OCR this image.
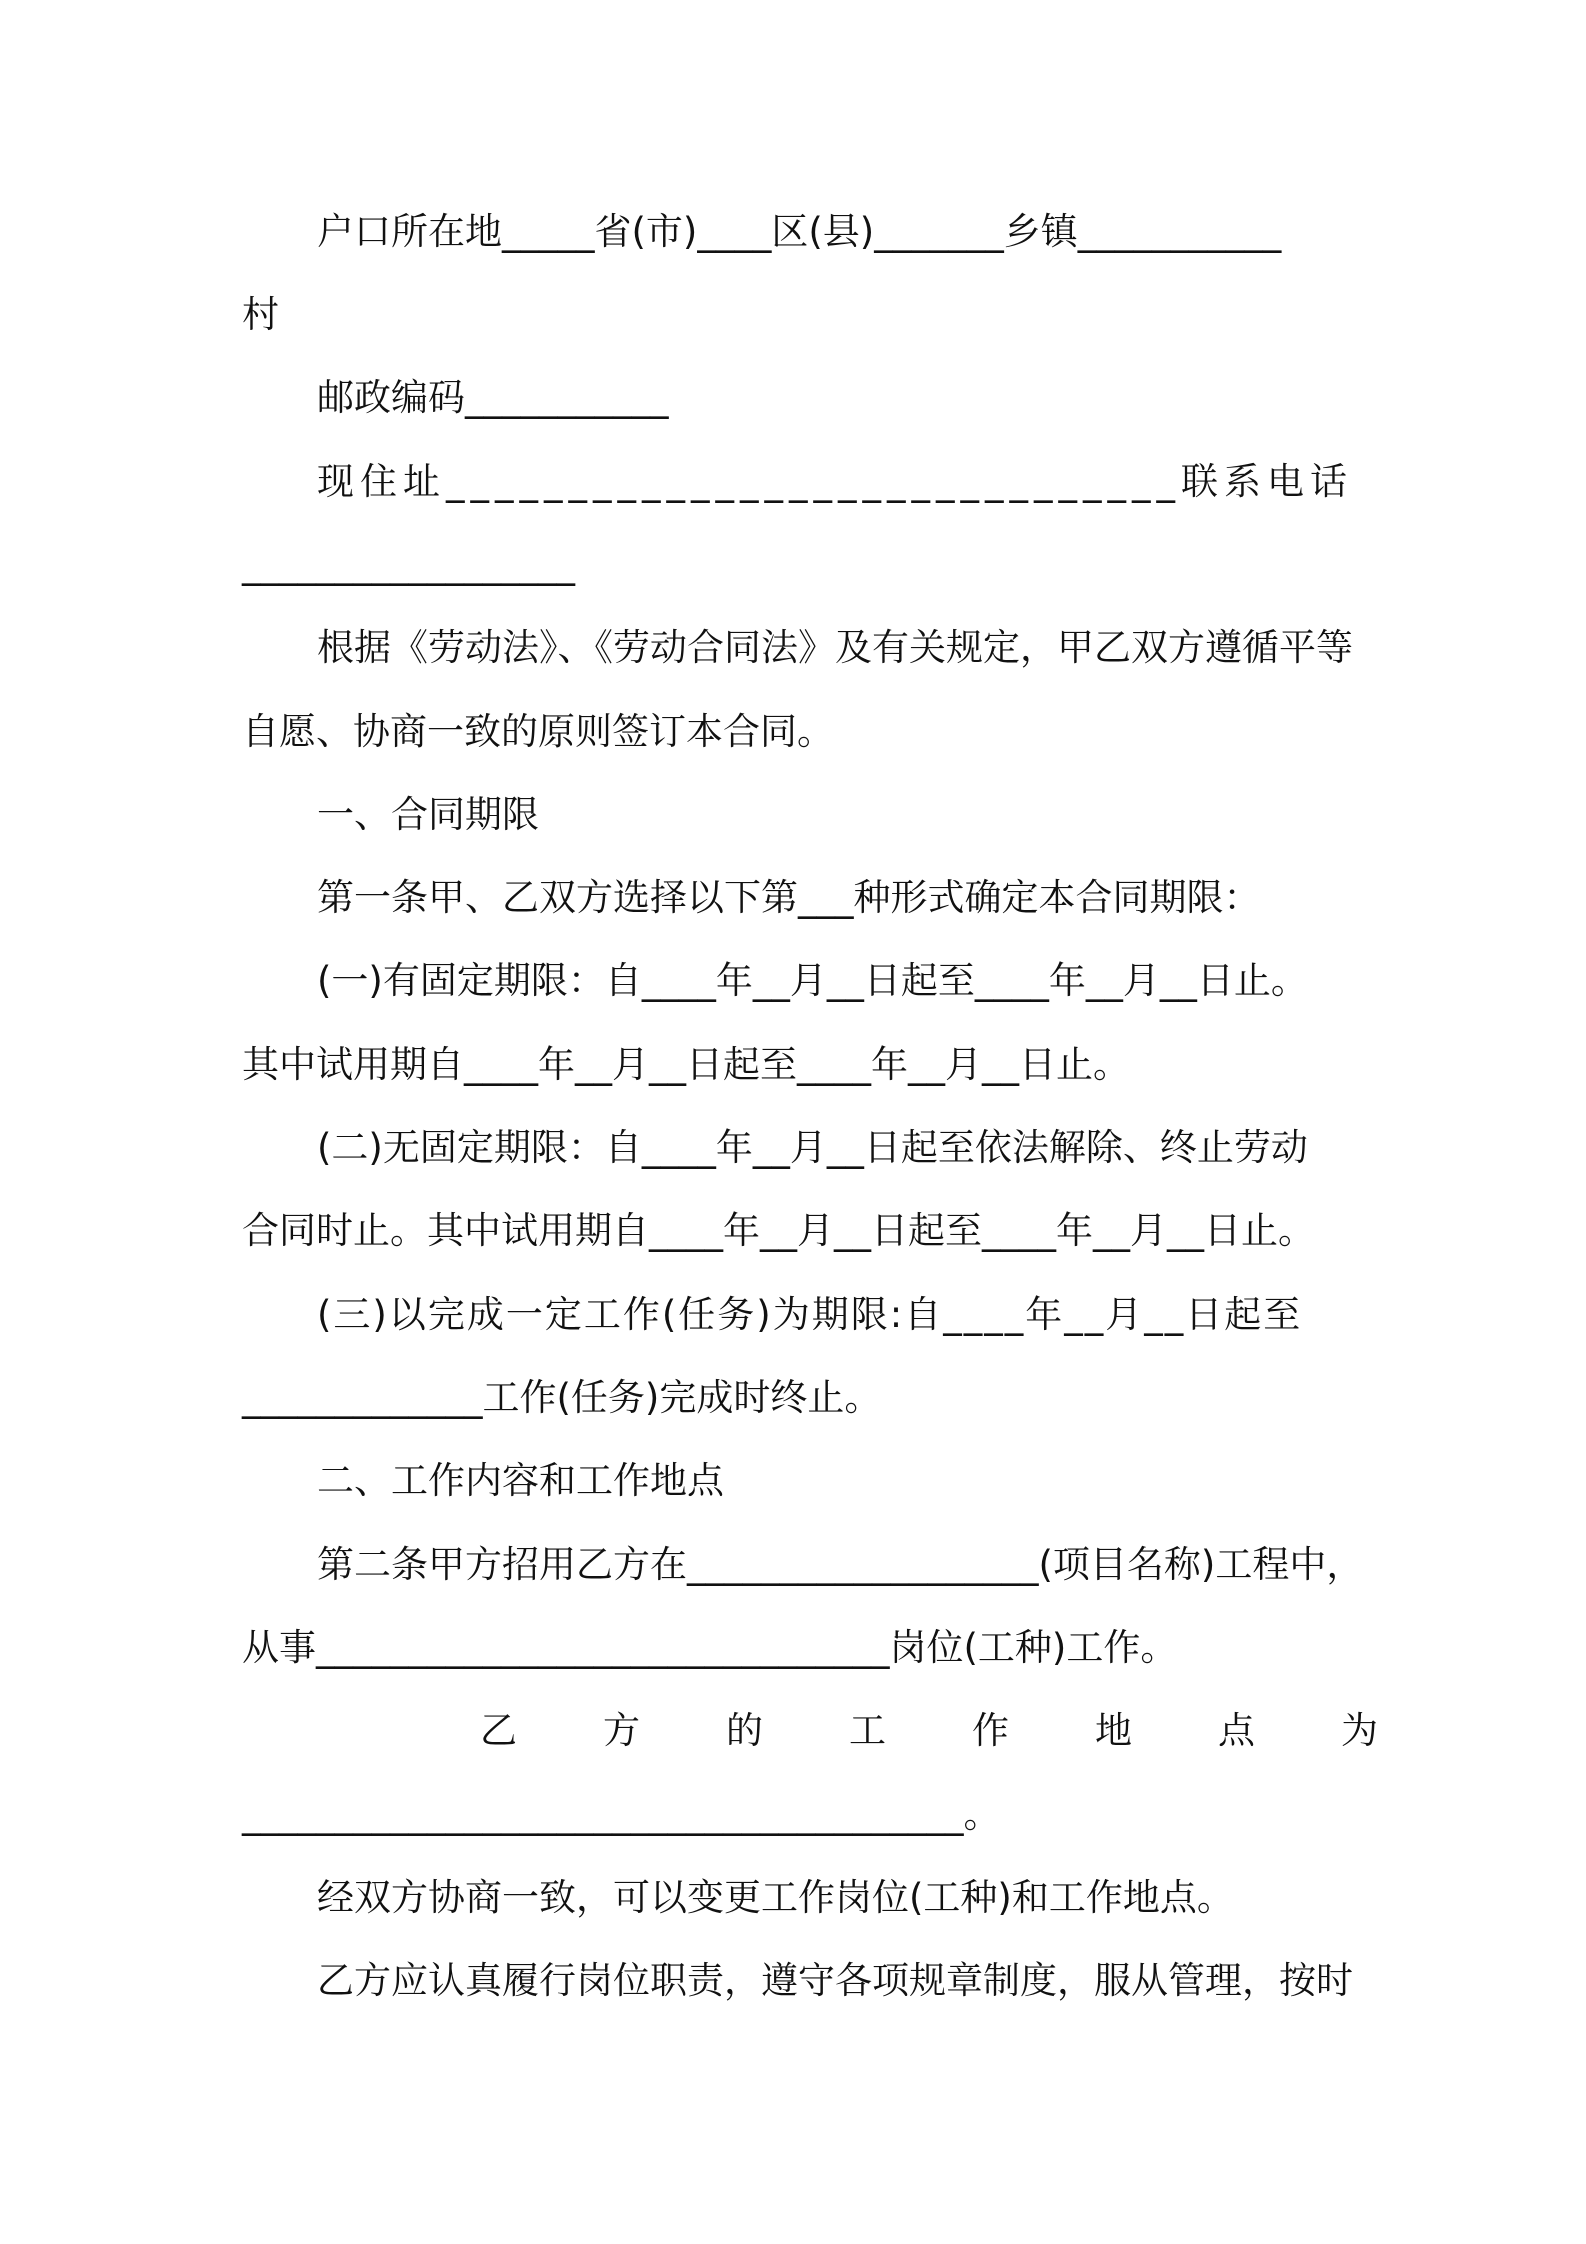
户口所在地_____省(市)____区(县)_______乡镇___________
村
邮政编码___________
现住址______________________________联系电话
__________________
根据《劳动法》、《劳动合同法》及有关规定，甲乙双方遵循平等
自愿、协商一致的原则签订本合同。
一、合同期限
第一条甲、乙双方选择以下第___种形式确定本合同期限：
(一)有固定期限：自____年__月__日起至____年__月__日止。
其中试用期自____年__月__日起至____年__月__日止。
(二)无固定期限：自____年__月__日起至依法解除、终止劳动
合同时止。其中试用期自____年__月__日起至____年__月__日止。
(三)以完成一定工作(任务)为期限:自____年__月__日起至
_____________工作(任务)完成时终止。
二、工作内容和工作地点
第二条甲方招用乙方在___________________(项目名称)工程中，
从事_______________________________岗位(工种)工作。
乙方的工作地点为
_______________________________________。
经双方协商一致，可以变更工作岗位(工种)和工作地点。
乙方应认真履行岗位职责，遵守各项规章制度，服从管理，按时
